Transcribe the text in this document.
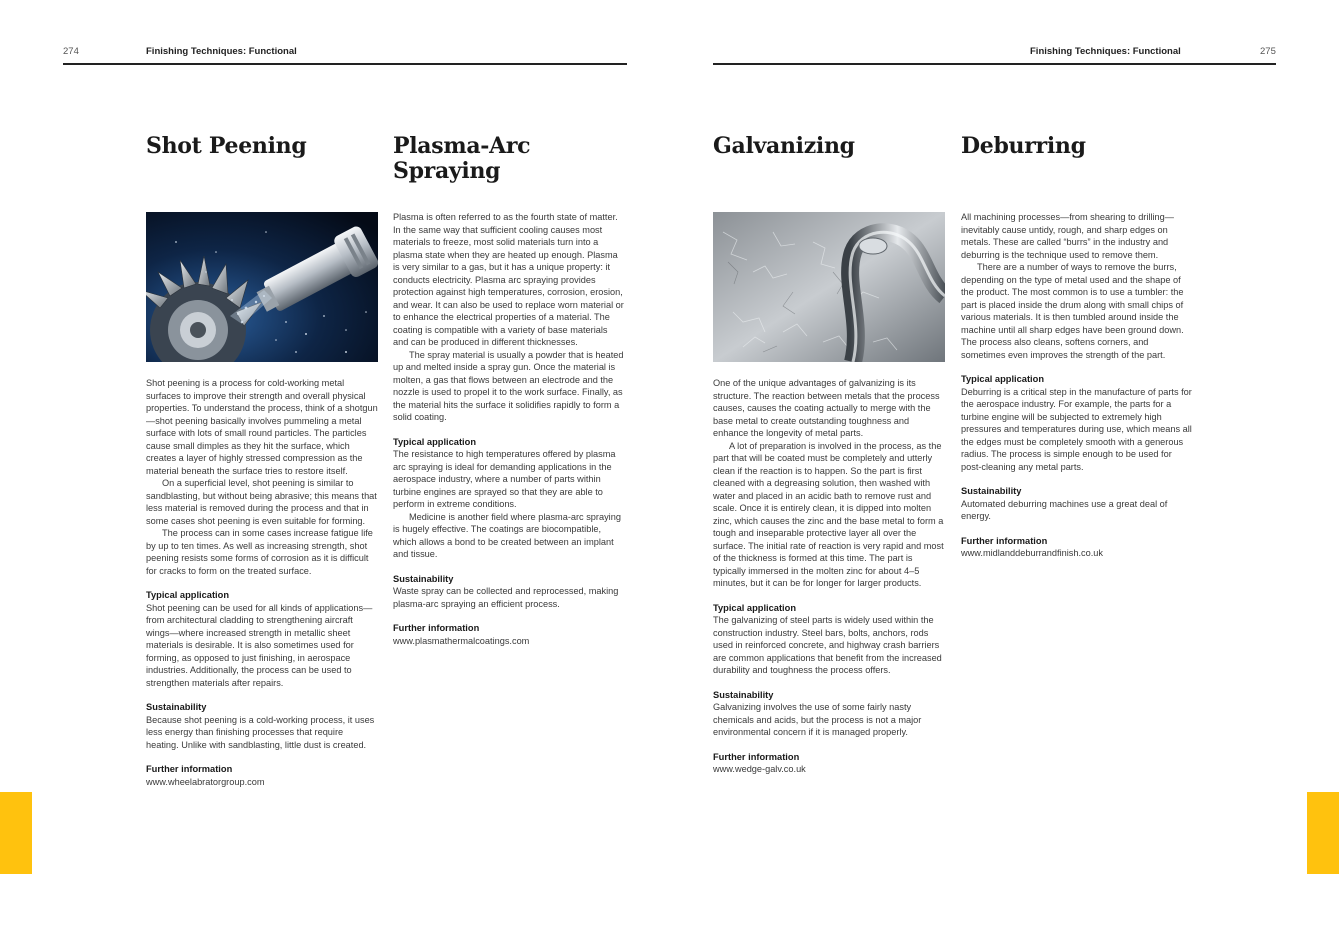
274	Finishing Techniques: Functional	Finishing Techniques: Functional	275
Shot Peening	Plasma-Arc Spraying
Galvanizing	Deburring

Shot peening is a process for cold-working metal surfaces to improve their strength and overall physical properties. To understand the process, think of a shotgun—shot peening basically involves pummeling a metal surface with lots of small round particles. The particles cause small dimples as they hit the surface, which creates a layer of highly stressed compression as the material beneath the surface tries to restore itself.

On a superficial level, shot peening is similar to sandblasting, but without being abrasive; this means that less material is removed during the process and that in some cases shot peening is even suitable for forming.

The process can in some cases increase fatigue life by up to ten times. As well as increasing strength, shot peening resists some forms of corrosion as it is difficult for cracks to form on the treated surface.

Typical application

Shot peening can be used for all kinds of applications—from architectural cladding to strengthening aircraft wings—where increased strength in metallic sheet materials is desirable. It is also sometimes used for forming, as opposed to just finishing, in aerospace industries. Additionally, the process can be used to strengthen materials after repairs.

Sustainability

Because shot peening is a cold-working process, it uses less energy than finishing processes that require heating. Unlike with sandblasting, little dust is created.

Further information

www.wheelabratorgroup.com

Plasma is often referred to as the fourth state of matter. In the same way that sufficient cooling causes most materials to freeze, most solid materials turn into a plasma state when they are heated up enough. Plasma is very similar to a gas, but it has a unique property: it conducts electricity. Plasma arc spraying provides protection against high temperatures, corrosion, erosion, and wear. It can also be used to replace worn material or to enhance the electrical properties of a material. The coating is compatible with a variety of base materials and can be produced in different thicknesses.

The spray material is usually a powder that is heated up and melted inside a spray gun. Once the material is molten, a gas that flows between an electrode and the nozzle is used to propel it to the work surface. Finally, as the material hits the surface it solidifies rapidly to form a solid coating.

Typical application

The resistance to high temperatures offered by plasma arc spraying is ideal for demanding applications in the aerospace industry, where a number of parts within turbine engines are sprayed so that they are able to perform in extreme conditions.

Medicine is another field where plasma-arc spraying is hugely effective. The coatings are biocompatible, which allows a bond to be created between an implant and tissue.

Sustainability

Waste spray can be collected and reprocessed, making plasma-arc spraying an efficient process.

Further information

www.plasmathermalcoatings.com

One of the unique advantages of galvanizing is its structure. The reaction between metals that the process causes, causes the coating actually to merge with the base metal to create outstanding toughness and enhance the longevity of metal parts.

A lot of preparation is involved in the process, as the part that will be coated must be completely and utterly clean if the reaction is to happen. So the part is first cleaned with a degreasing solution, then washed with water and placed in an acidic bath to remove rust and scale. Once it is entirely clean, it is dipped into molten zinc, which causes the zinc and the base metal to form a tough and inseparable protective layer all over the surface. The initial rate of reaction is very rapid and most of the thickness is formed at this time. The part is typically immersed in the molten zinc for about 4–5 minutes, but it can be for longer for larger products.

Typical application

The galvanizing of steel parts is widely used within the construction industry. Steel bars, bolts, anchors, rods used in reinforced concrete, and highway crash barriers are common applications that benefit from the increased durability and toughness the process offers.

Sustainability

Galvanizing involves the use of some fairly nasty chemicals and acids, but the process is not a major environmental concern if it is managed properly.

Further information

www.wedge-galv.co.uk

All machining processes—from shearing to drilling—inevitably cause untidy, rough, and sharp edges on metals. These are called “burrs” in the industry and deburring is the technique used to remove them.

There are a number of ways to remove the burrs, depending on the type of metal used and the shape of the product. The most common is to use a tumbler: the part is placed inside the drum along with small chips of various materials. It is then tumbled around inside the machine until all sharp edges have been ground down. The process also cleans, softens corners, and sometimes even improves the strength of the part.

Typical application

Deburring is a critical step in the manufacture of parts for the aerospace industry. For example, the parts for a turbine engine will be subjected to extremely high pressures and temperatures during use, which means all the edges must be completely smooth with a generous radius. The process is simple enough to be used for post-cleaning any metal parts.

Sustainability

Automated deburring machines use a great deal of energy.

Further information

www.midlanddeburrandfinish.co.uk
